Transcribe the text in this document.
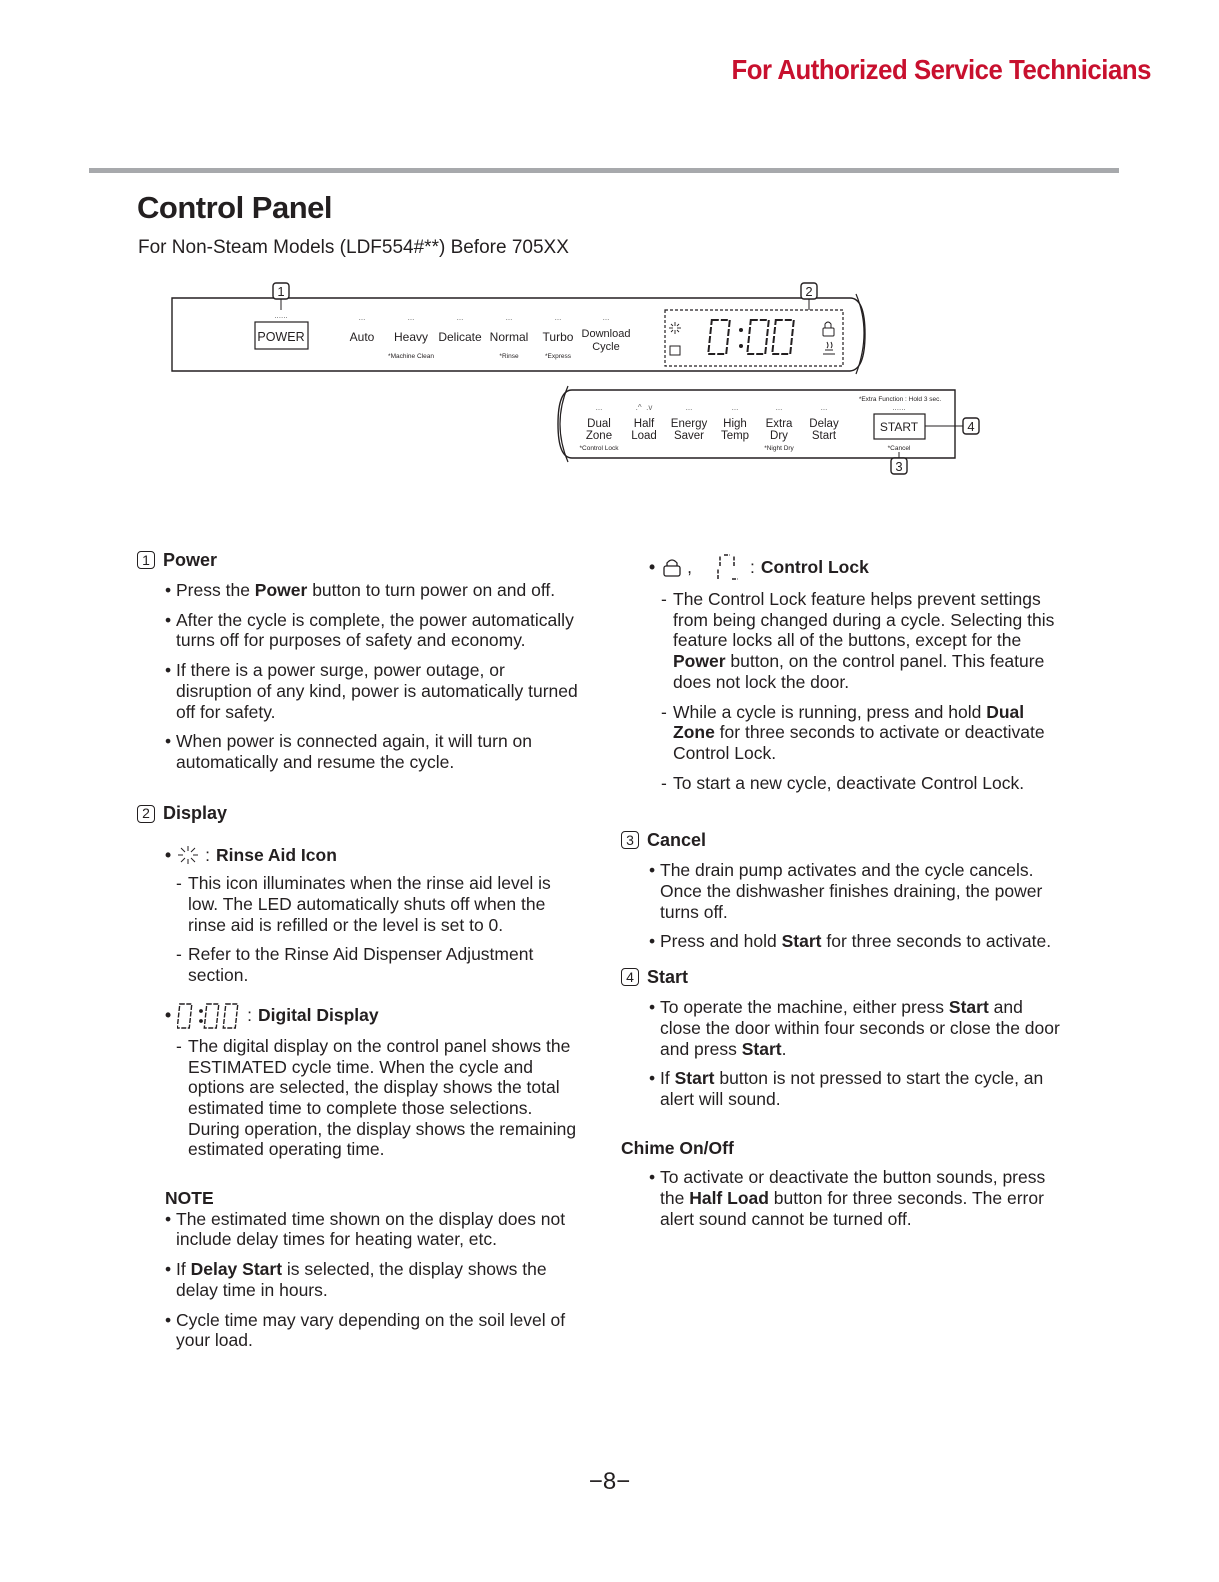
For Authorized Service Technicians
Control Panel
For Non-Steam Models (LDF554#**) Before 705XX
1
POWER
......
Auto Heavy Delicate Normal Turbo Download
Cycle
...	...	...	...	...	...
*Machine Clean	*Rinse	*Express
2
*Extra Function : Hold 3 sec.
...	.^  .v	...	...	...	...	......
Dual
Zone
Half
Load
Energy
Saver
High
Temp
Extra
Dry
Delay
Start
*Control Lock	*Night Dry
START
*Cancel
4
3
1 Power
• Press the Power button to turn power on and off.
• After the cycle is complete, the power automatically turns off for purposes of safety and economy.
• If there is a power surge, power outage, or disruption of any kind, power is automatically turned off for safety.
• When power is connected again, it will turn on automatically and resume the cycle.
2 Display
• : Rinse Aid Icon
- This icon illuminates when the rinse aid level is low. The LED automatically shuts off when the rinse aid is refilled or the level is set to 0.
- Refer to the Rinse Aid Dispenser Adjustment section.
•	: Digital Display
- The digital display on the control panel shows the ESTIMATED cycle time. When the cycle and options are selected, the display shows the total estimated time to complete those selections. During operation, the display shows the remaining estimated operating time.
NOTE
• The estimated time shown on the display does not include delay times for heating water, etc.
• If Delay Start is selected, the display shows the delay time in hours.
• Cycle time may vary depending on the soil level of your load.
• ,	: Control Lock
- The Control Lock feature helps prevent settings from being changed during a cycle. Selecting this feature locks all of the buttons, except for the Power button, on the control panel. This feature does not lock the door.
- While a cycle is running, press and hold Dual Zone for three seconds to activate or deactivate Control Lock.
- To start a new cycle, deactivate Control Lock.
3 Cancel
• The drain pump activates and the cycle cancels. Once the dishwasher finishes draining, the power turns off.
• Press and hold Start for three seconds to activate.
4 Start
• To operate the machine, either press Start and close the door within four seconds or close the door and press Start.
• If Start button is not pressed to start the cycle, an alert will sound.
Chime On/Off
• To activate or deactivate the button sounds, press the Half Load button for three seconds. The error alert sound cannot be turned off.
−8−
